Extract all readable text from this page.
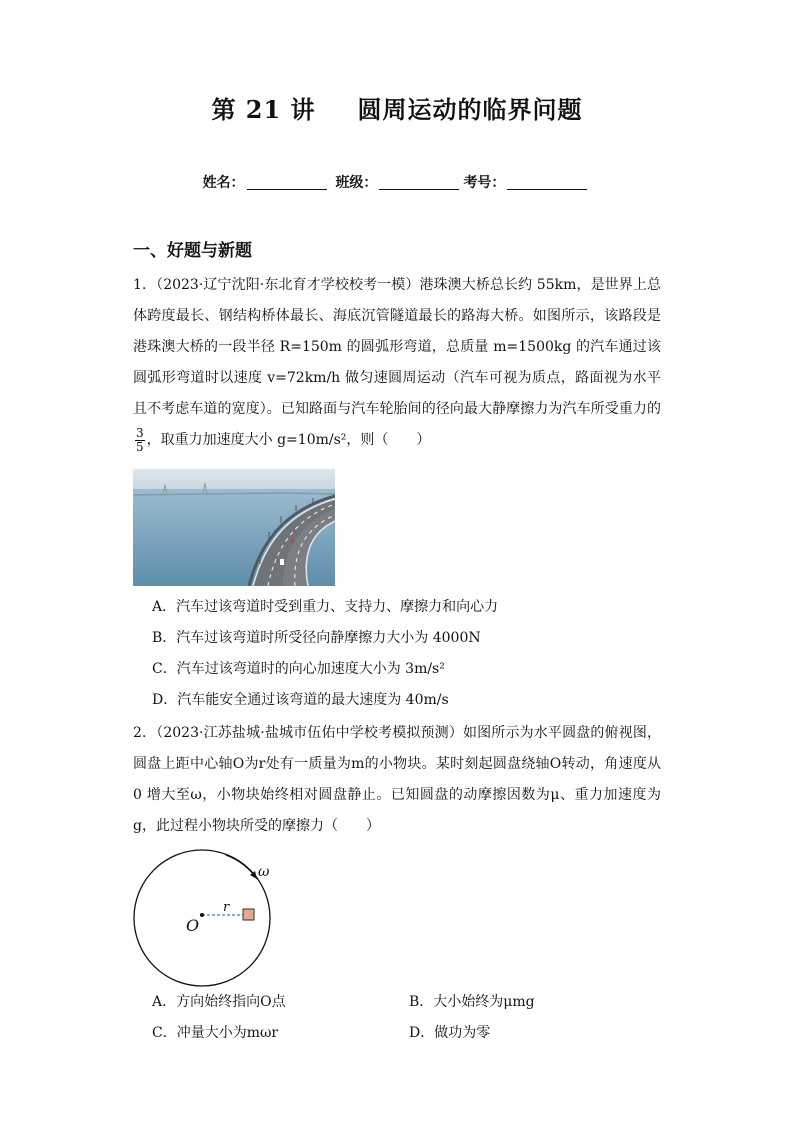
第 21 讲 圆周运动的临界问题
姓名：	班级：	考号：
一、好题与新题
1．（2023·辽宁沈阳·东北育才学校校考一模）港珠澳大桥总长约 55km，是世界上总体跨度最长、钢结构桥体最长、海底沉管隧道最长的路海大桥。如图所示，该路段是港珠澳大桥的一段半径 R=150m 的圆弧形弯道，总质量 m=1500kg 的汽车通过该圆弧形弯道时以速度 v=72km/h 做匀速圆周运动（汽车可视为质点，路面视为水平且不考虑车道的宽度）。已知路面与汽车轮胎间的径向最大静摩擦力为汽车所受重力的
$\frac{3}{5}$ ，取重力加速度大小 g=10m/s²，则（　　）
A．汽车过该弯道时受到重力、支持力、摩擦力和向心力
B．汽车过该弯道时所受径向静摩擦力大小为 4000N
C．汽车过该弯道时的向心加速度大小为 3m/s²
D．汽车能安全通过该弯道的最大速度为 40m/s
2．（2023·江苏盐城·盐城市伍佑中学校考模拟预测）如图所示为水平圆盘的俯视图，圆盘上距中心轴O为r处有一质量为m的小物块。某时刻起圆盘绕轴O转动，角速度从 0 增大至ω，小物块始终相对圆盘静止。已知圆盘的动摩擦因数为μ、重力加速度为g，此过程小物块所受的摩擦力（　　）
ω
r
O
A．方向始终指向O点	B．大小始终为μmg
C．冲量大小为mωr	D．做功为零
